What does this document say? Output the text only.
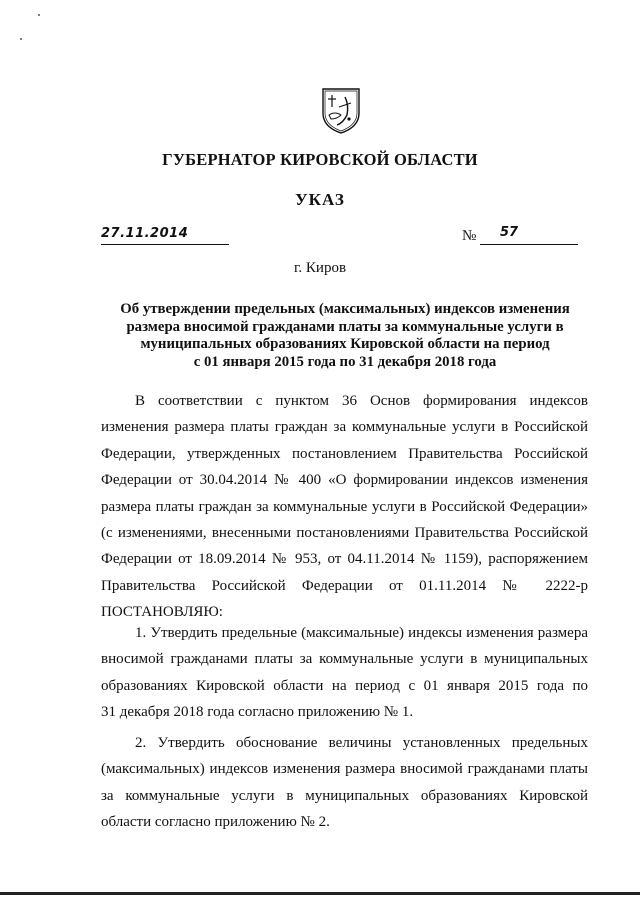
ГУБЕРНАТОР КИРОВСКОЙ ОБЛАСТИ
УКАЗ
27.11.2014	№ 57
г. Киров
Об утверждении предельных (максимальных) индексов изменения
размера вносимой гражданами платы за коммунальные услуги в
муниципальных образованиях Кировской области на период
с 01 января 2015 года по 31 декабря 2018 года
В соответствии с пунктом 36 Основ формирования индексов
изменения размера платы граждан за коммунальные услуги в Российской
Федерации, утвержденных постановлением Правительства Российской
Федерации от 30.04.2014 № 400 «О формировании индексов изменения
размера платы граждан за коммунальные услуги в Российской Федерации»
(с изменениями, внесенными постановлениями Правительства Российской
Федерации от 18.09.2014 № 953, от 04.11.2014 № 1159), распоряжением
Правительства Российской Федерации от 01.11.2014 № 2222-р
ПОСТАНОВЛЯЮ:
1. Утвердить предельные (максимальные) индексы изменения размера
вносимой гражданами платы за коммунальные услуги в муниципальных
образованиях Кировской области на период с 01 января 2015 года по
31 декабря 2018 года согласно приложению № 1.
2. Утвердить обоснование величины установленных предельных
(максимальных) индексов изменения размера вносимой гражданами платы
за коммунальные услуги в муниципальных образованиях Кировской
области согласно приложению № 2.
